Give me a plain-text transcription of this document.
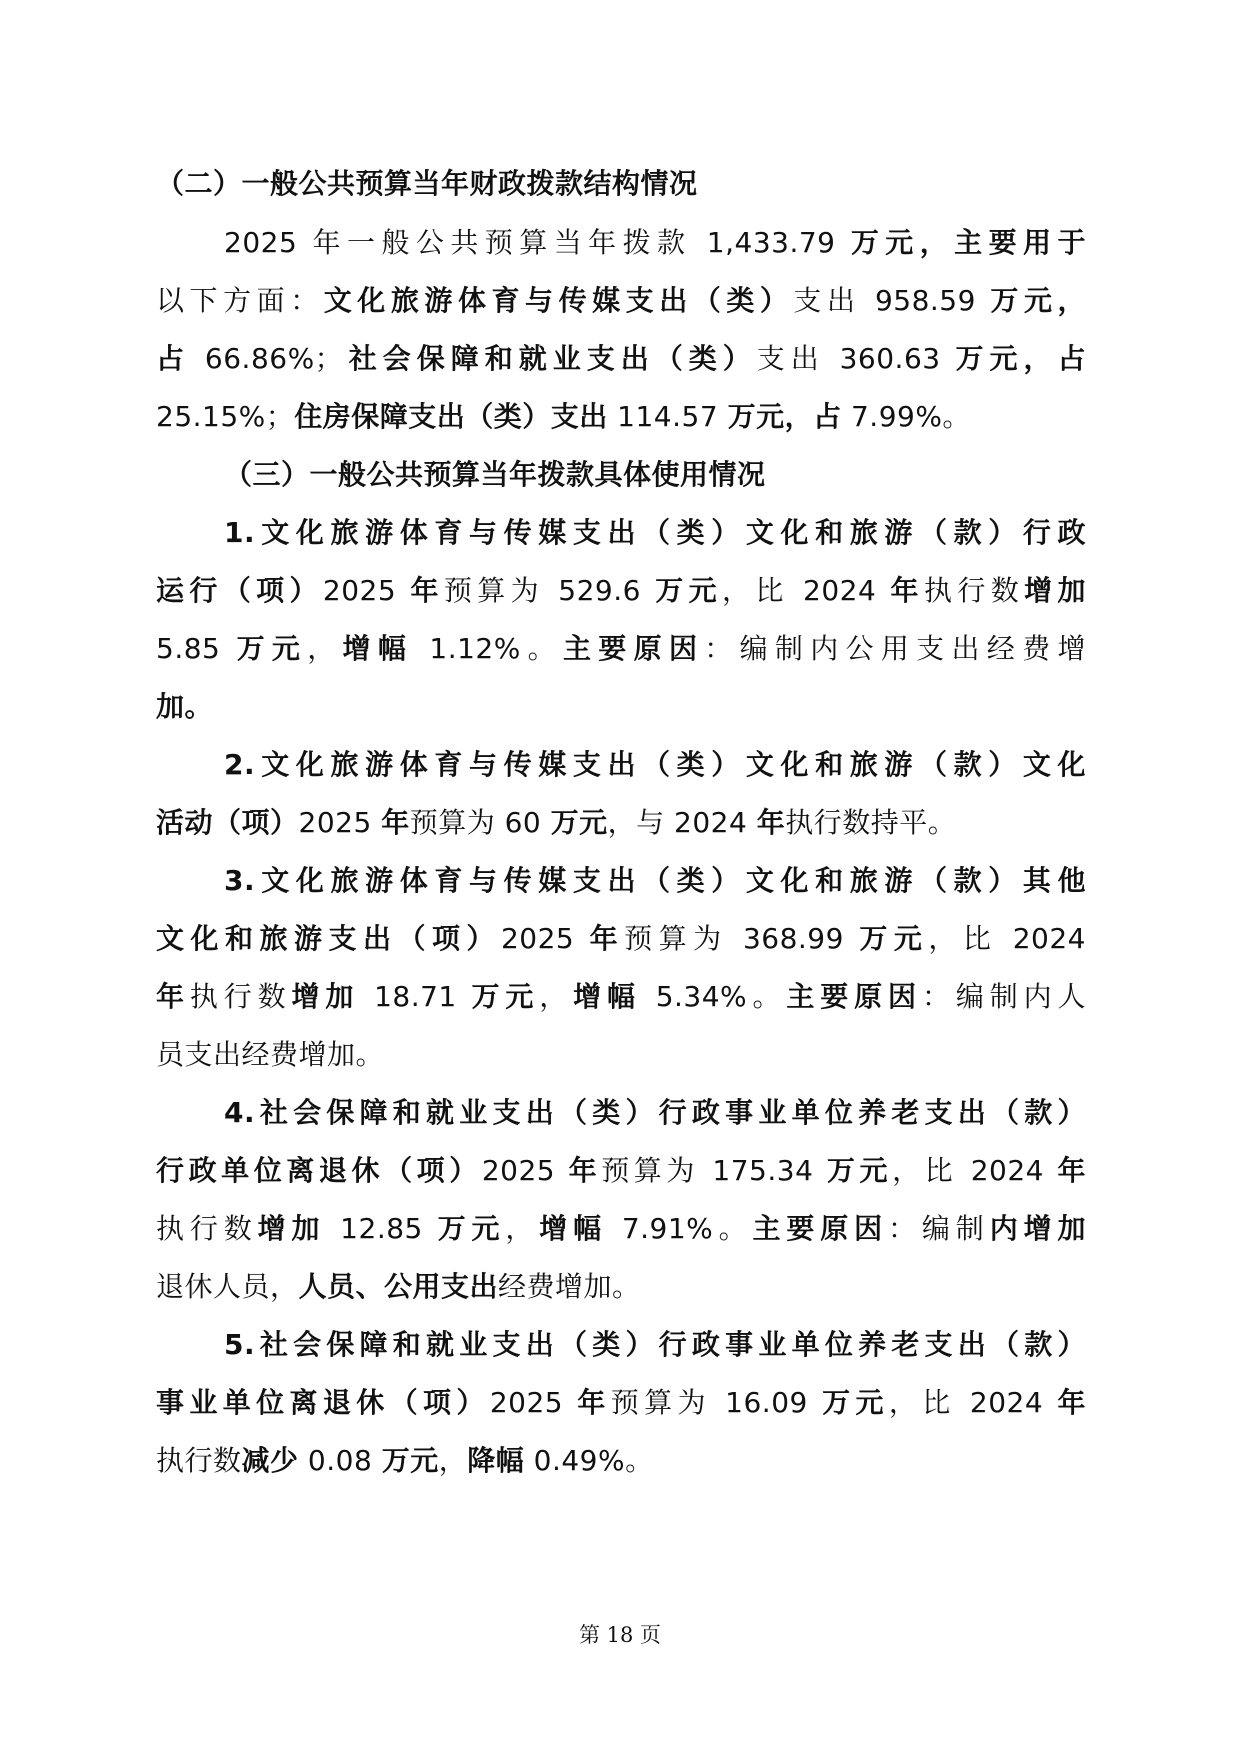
（二）一般公共预算当年财政拨款结构情况
2025 年一般公共预算当年拨款 1,433.79 万元，主要用于
以下方面：文化旅游体育与传媒支出（类）支出 958.59 万元，
占 66.86%；社会保障和就业支出（类）支出 360.63 万元，占
25.15%；住房保障支出（类）支出 114.57 万元，占 7.99%。
（三）一般公共预算当年拨款具体使用情况
1.文化旅游体育与传媒支出（类）文化和旅游（款）行政
运行（项）2025 年预算为 529.6 万元，比 2024 年执行数增加
5.85 万元，增幅 1.12%。主要原因：编制内公用支出经费增
加。
2.文化旅游体育与传媒支出（类）文化和旅游（款）文化
活动（项）2025 年预算为 60 万元，与 2024 年执行数持平。
3.文化旅游体育与传媒支出（类）文化和旅游（款）其他
文化和旅游支出（项）2025 年预算为 368.99 万元，比 2024
年执行数增加 18.71 万元，增幅 5.34%。主要原因：编制内人
员支出经费增加。
4.社会保障和就业支出（类）行政事业单位养老支出（款）
行政单位离退休（项）2025 年预算为 175.34 万元，比 2024 年
执行数增加 12.85 万元，增幅 7.91%。主要原因：编制内增加
退休人员，人员、公用支出经费增加。
5.社会保障和就业支出（类）行政事业单位养老支出（款）
事业单位离退休（项）2025 年预算为 16.09 万元，比 2024 年
执行数减少 0.08 万元，降幅 0.49%。
第 18 页
